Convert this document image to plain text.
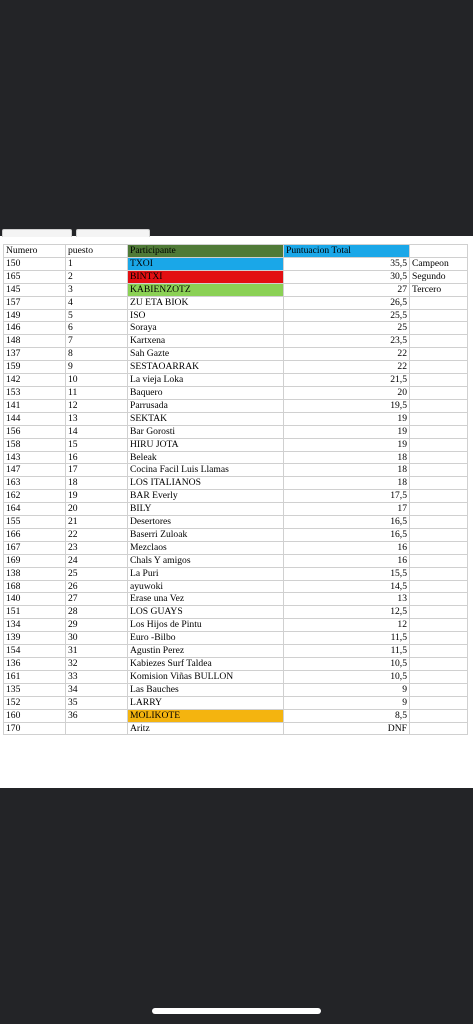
Numero	puesto	Participante	Puntuacion Total	
150	1	TXOI	35,5	Campeon
165	2	BINTXI	30,5	Segundo
145	3	KABIENZOTZ	27	Tercero
157	4	ZU ETA BIOK	26,5	
149	5	ISO	25,5	
146	6	Soraya	25	
148	7	Kartxena	23,5	
137	8	Sah Gazte	22	
159	9	SESTAOARRAK	22	
142	10	La vieja Loka	21,5	
153	11	Baquero	20	
141	12	Parrusada	19,5	
144	13	SEKTAK	19	
156	14	Bar Gorosti	19	
158	15	HIRU JOTA	19	
143	16	Beleak	18	
147	17	Cocina Facil Luis Llamas	18	
163	18	LOS ITALIANOS	18	
162	19	BAR Everly	17,5	
164	20	BILY	17	
155	21	Desertores	16,5	
166	22	Baserri Zuloak	16,5	
167	23	Mezclaos	16	
169	24	Chals Y amigos	16	
138	25	La Puri	15,5	
168	26	ayuwoki	14,5	
140	27	Erase una Vez	13	
151	28	LOS GUAYS	12,5	
134	29	Los Hijos de Pintu	12	
139	30	Euro -Bilbo	11,5	
154	31	Agustin Perez	11,5	
136	32	Kabiezes Surf Taldea	10,5	
161	33	Komision Viñas BULLON	10,5	
135	34	Las Bauches	9	
152	35	LARRY	9	
160	36	MOLIKOTE	8,5	
170		Aritz	DNF	
